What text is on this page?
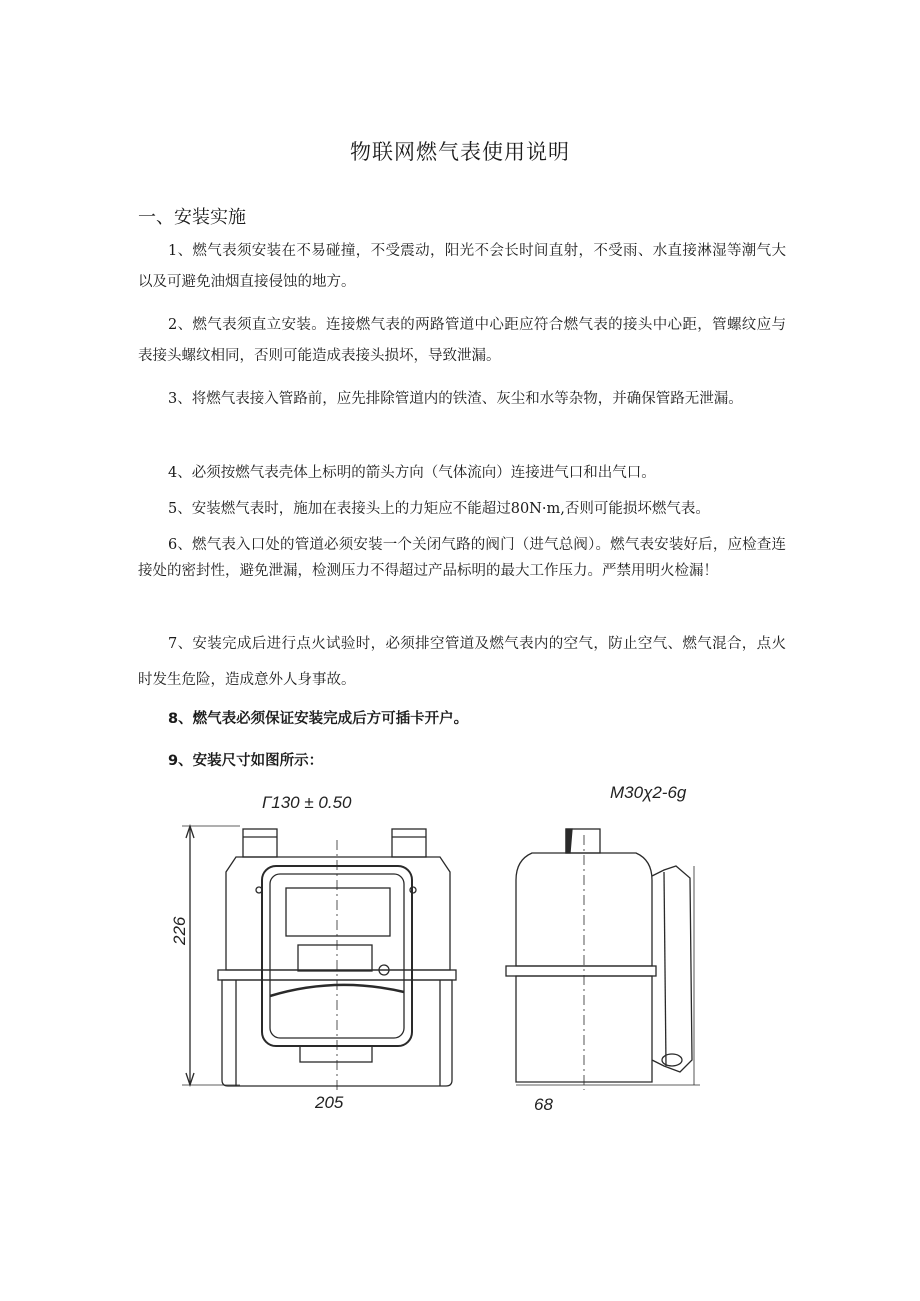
物联网燃气表使用说明
一、安装实施
1、燃气表须安装在不易碰撞，不受震动，阳光不会长时间直射，不受雨、水直接淋湿等潮气大以及可避免油烟直接侵蚀的地方。
2、燃气表须直立安装。连接燃气表的两路管道中心距应符合燃气表的接头中心距，管螺纹应与表接头螺纹相同，否则可能造成表接头损坏，导致泄漏。
3、将燃气表接入管路前，应先排除管道内的铁渣、灰尘和水等杂物，并确保管路无泄漏。
4、必须按燃气表壳体上标明的箭头方向（气体流向）连接进气口和出气口。
5、安装燃气表时，施加在表接头上的力矩应不能超过80N·m,否则可能损坏燃气表。
6、燃气表入口处的管道必须安装一个关闭气路的阀门（进气总阀）。燃气表安装好后，应检查连接处的密封性，避免泄漏，检测压力不得超过产品标明的最大工作压力。严禁用明火检漏！
7、安装完成后进行点火试验时，必须排空管道及燃气表内的空气，防止空气、燃气混合，点火时发生危险，造成意外人身事故。
8、燃气表必须保证安装完成后方可插卡开户。
9、安装尺寸如图所示：
Г130 ± 0.50
M30χ2-6g
226
205	68
